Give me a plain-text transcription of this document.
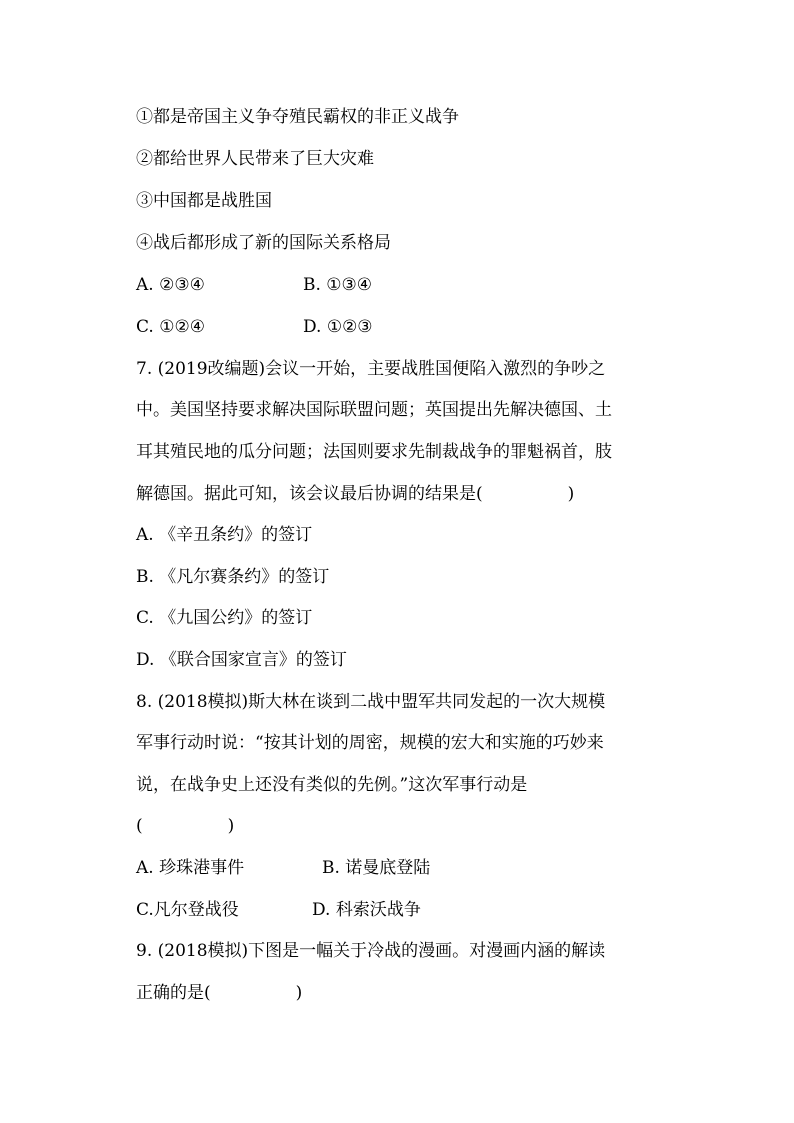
①都是帝国主义争夺殖民霸权的非正义战争
②都给世界人民带来了巨大灾难
③中国都是战胜国
④战后都形成了新的国际关系格局
A. ②③④	B. ①③④
C. ①②④	D. ①②③
7. (2019改编题)会议一开始，主要战胜国便陷入激烈的争吵之
中。美国坚持要求解决国际联盟问题；英国提出先解决德国、土
耳其殖民地的瓜分问题；法国则要求先制裁战争的罪魁祸首，肢
解德国。据此可知，该会议最后协调的结果是(　　　　　)
A. 《辛丑条约》的签订
B. 《凡尔赛条约》的签订
C. 《九国公约》的签订
D. 《联合国家宣言》的签订
8. (2018模拟)斯大林在谈到二战中盟军共同发起的一次大规模
军事行动时说：“按其计划的周密，规模的宏大和实施的巧妙来
说，在战争史上还没有类似的先例。”这次军事行动是
(　　　　　)
A. 珍珠港事件	B. 诺曼底登陆
C.凡尔登战役	D. 科索沃战争
9. (2018模拟)下图是一幅关于冷战的漫画。对漫画内涵的解读
正确的是(　　　　　)
